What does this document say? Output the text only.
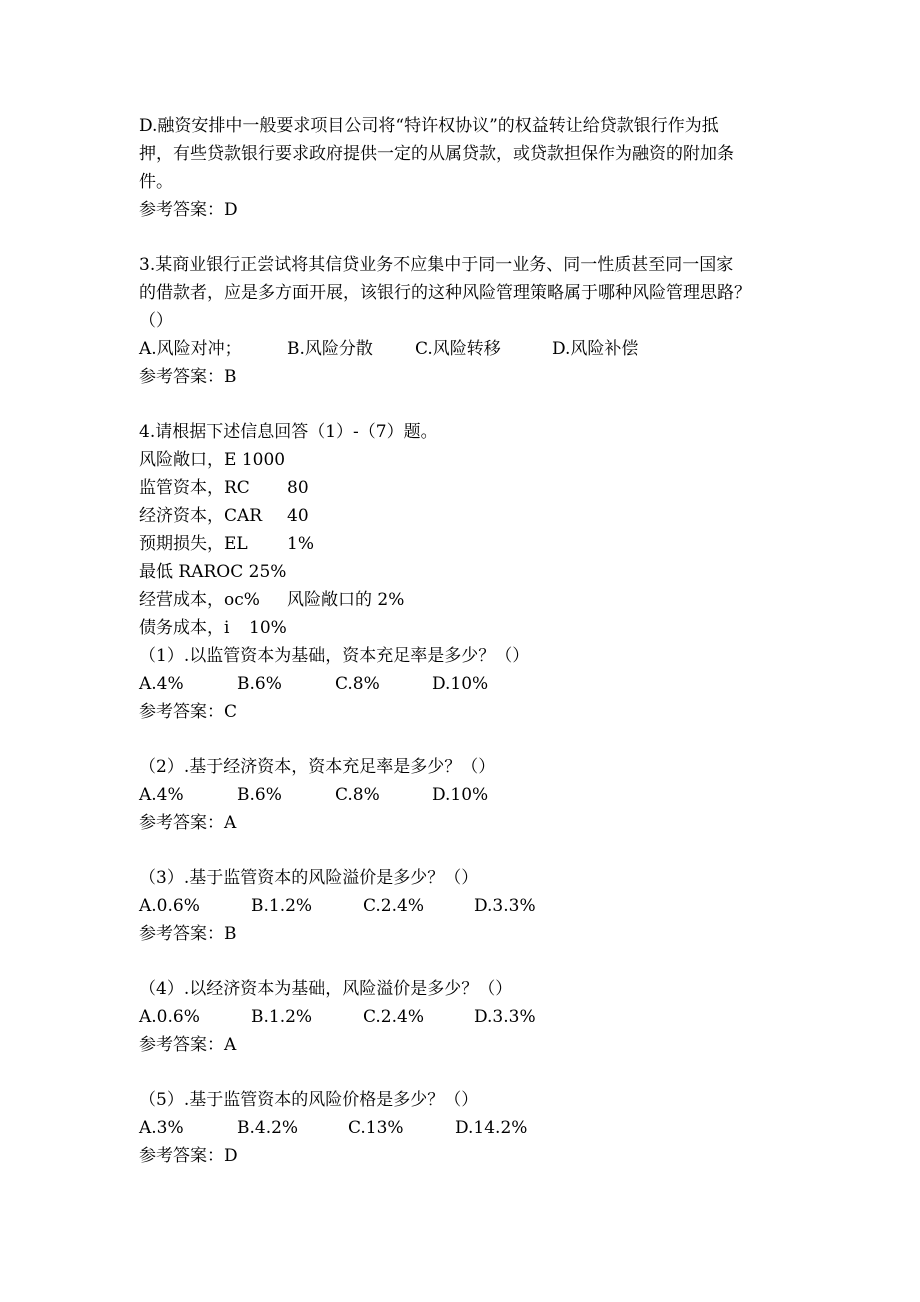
D.融资安排中一般要求项目公司将“特许权协议”的权益转让给贷款银行作为抵
押，有些贷款银行要求政府提供一定的从属贷款，或贷款担保作为融资的附加条
件。
参考答案：D
3.某商业银行正尝试将其信贷业务不应集中于同一业务、同一性质甚至同一国家
的借款者，应是多方面开展，该银行的这种风险管理策略属于哪种风险管理思路？
（）
A.风险对冲；	B.风险分散 C.风险转移	D.风险补偿
参考答案：B
4.请根据下述信息回答（1）-（7）题。
风险敞口，E 1000
监管资本，RC 80
经济资本，CAR 40
预期损失，EL 1%
最低 RAROC 25%
经营成本，oc% 风险敞口的 2%
债务成本，i 10%
（1）.以监管资本为基础，资本充足率是多少？（）
A.4%	B.6%	C.8%	D.10%
参考答案：C
（2）.基于经济资本，资本充足率是多少？（）
A.4%	B.6%	C.8%	D.10%
参考答案：A
（3）.基于监管资本的风险溢价是多少？（）
A.0.6%	B.1.2%	C.2.4%	D.3.3%
参考答案：B
（4）.以经济资本为基础，风险溢价是多少？（）
A.0.6%	B.1.2%	C.2.4%	D.3.3%
参考答案：A
（5）.基于监管资本的风险价格是多少？（）
A.3%	B.4.2%	C.13%	D.14.2%
参考答案：D
